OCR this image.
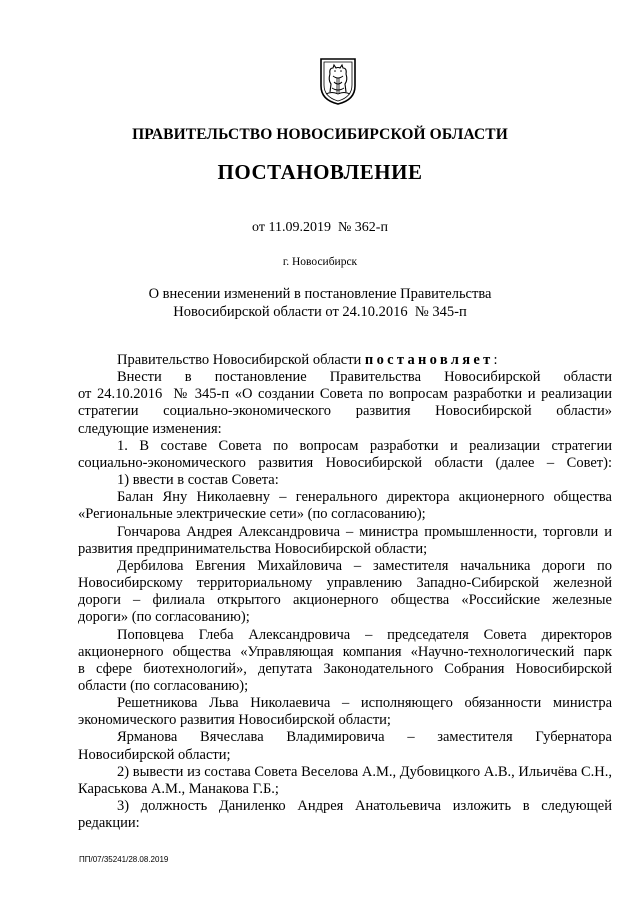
ПРАВИТЕЛЬСТВО НОВОСИБИРСКОЙ ОБЛАСТИ
ПОСТАНОВЛЕНИЕ
от 11.09.2019  № 362-п
г. Новосибирск
О внесении изменений в постановление Правительства
Новосибирской области от 24.10.2016  № 345-п

Правительство Новосибирской области постановляет:

Внести в постановление Правительства Новосибирской области

от 24.10.2016  № 345-п «О создании Совета по вопросам разработки и реализации

стратегии социально-экономического развития Новосибирской области»

следующие изменения:

1. В составе Совета по вопросам разработки и реализации стратегии

социально-экономического развития Новосибирской области (далее – Совет):

1) ввести в состав Совета:

Балан Яну Николаевну – генерального директора акционерного общества

«Региональные электрические сети» (по согласованию);

Гончарова Андрея Александровича – министра промышленности, торговли и

развития предпринимательства Новосибирской области;

Дербилова Евгения Михайловича – заместителя начальника дороги по

Новосибирскому территориальному управлению Западно-Сибирской железной

дороги – филиала открытого акционерного общества «Российские железные

дороги» (по согласованию);

Поповцева Глеба Александровича – председателя Совета директоров

акционерного общества «Управляющая компания «Научно-технологический парк

в сфере биотехнологий», депутата Законодательного Собрания Новосибирской

области (по согласованию);

Решетникова Льва Николаевича – исполняющего обязанности министра

экономического развития Новосибирской области;

Ярманова Вячеслава Владимировича – заместителя Губернатора

Новосибирской области;

2) вывести из состава Совета Веселова А.М., Дубовицкого А.В., Ильичёва С.Н.,

Караськова А.М., Манакова Г.Б.;

3) должность Даниленко Андрея Анатольевича изложить в следующей

редакции:

ПП/07/35241/28.08.2019
